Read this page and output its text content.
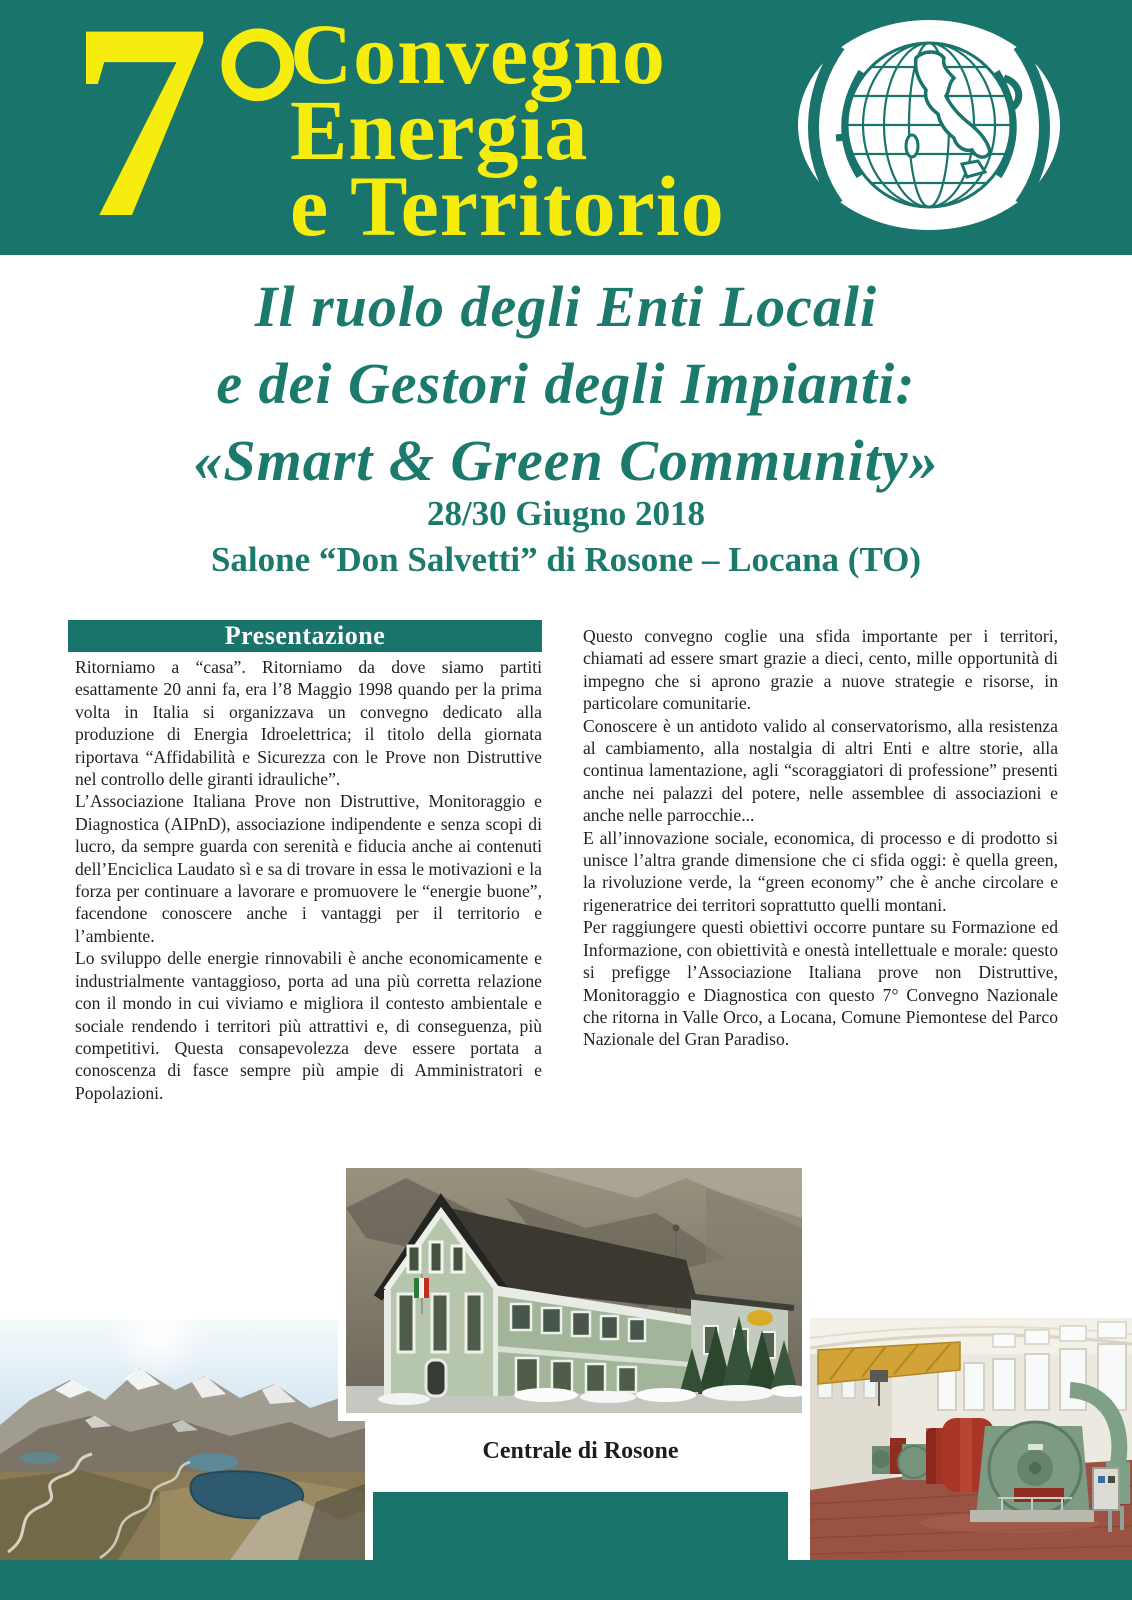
7°
Convegno
Energia
e Territorio
Il ruolo degli Enti Locali
e dei Gestori degli Impianti:
«Smart & Green Community»
28/30 Giugno 2018
Salone “Don Salvetti” di Rosone – Locana (TO)
Presentazione

Ritorniamo a “casa”. Ritorniamo da dove siamo partiti esattamente 20 anni fa, era l’8 Maggio 1998 quando per la prima volta in Italia si organizzava un convegno dedicato alla produzione di Energia Idroelettrica; il titolo della giornata riportava “Affidabilità e Sicurezza con le Prove non Distruttive nel controllo delle giranti idrauliche”.

L’Associazione Italiana Prove non Distruttive, Monitoraggio e Diagnostica (AIPnD), associazione indipendente e senza scopi di lucro, da sempre guarda con serenità e fiducia anche ai contenuti dell’Enciclica Laudato sì e sa di trovare in essa le motivazioni e la forza per continuare a lavorare e promuovere le “energie buone”, facendone conoscere anche i vantaggi per il territorio e l’ambiente.

Lo sviluppo delle energie rinnovabili è anche economicamente e industrialmente vantaggioso, porta ad una più corretta relazione con il mondo in cui viviamo e migliora il contesto ambientale e sociale rendendo i territori più attrattivi e, di conseguenza, più competitivi. Questa consapevolezza deve essere portata a conoscenza di fasce sempre più ampie di Amministratori e Popolazioni.

Questo convegno coglie una sfida importante per i territori, chiamati ad essere smart grazie a dieci, cento, mille opportunità di impegno che si aprono grazie a nuove strategie e risorse, in particolare comunitarie.

Conoscere è un antidoto valido al conservatorismo, alla resistenza al cambiamento, alla nostalgia di altri Enti e altre storie, alla continua lamentazione, agli “scoraggiatori di professione” presenti anche nei palazzi del potere, nelle assemblee di associazioni e anche nelle parrocchie...

E all’innovazione sociale, economica, di processo e di prodotto si unisce l’altra grande dimensione che ci sfida oggi: è quella green, la rivoluzione verde, la “green economy” che è anche circolare e rigeneratrice dei territori soprattutto quelli montani.

Per raggiungere questi obiettivi occorre puntare su Formazione ed Informazione, con obiettività e onestà intellettuale e morale: questo si prefigge l’Associazione Italiana prove non Distruttive, Monitoraggio e Diagnostica con questo 7° Convegno Nazionale che ritorna in Valle Orco, a Locana, Comune Piemontese del Parco Nazionale del Gran Paradiso.

Centrale di Rosone
